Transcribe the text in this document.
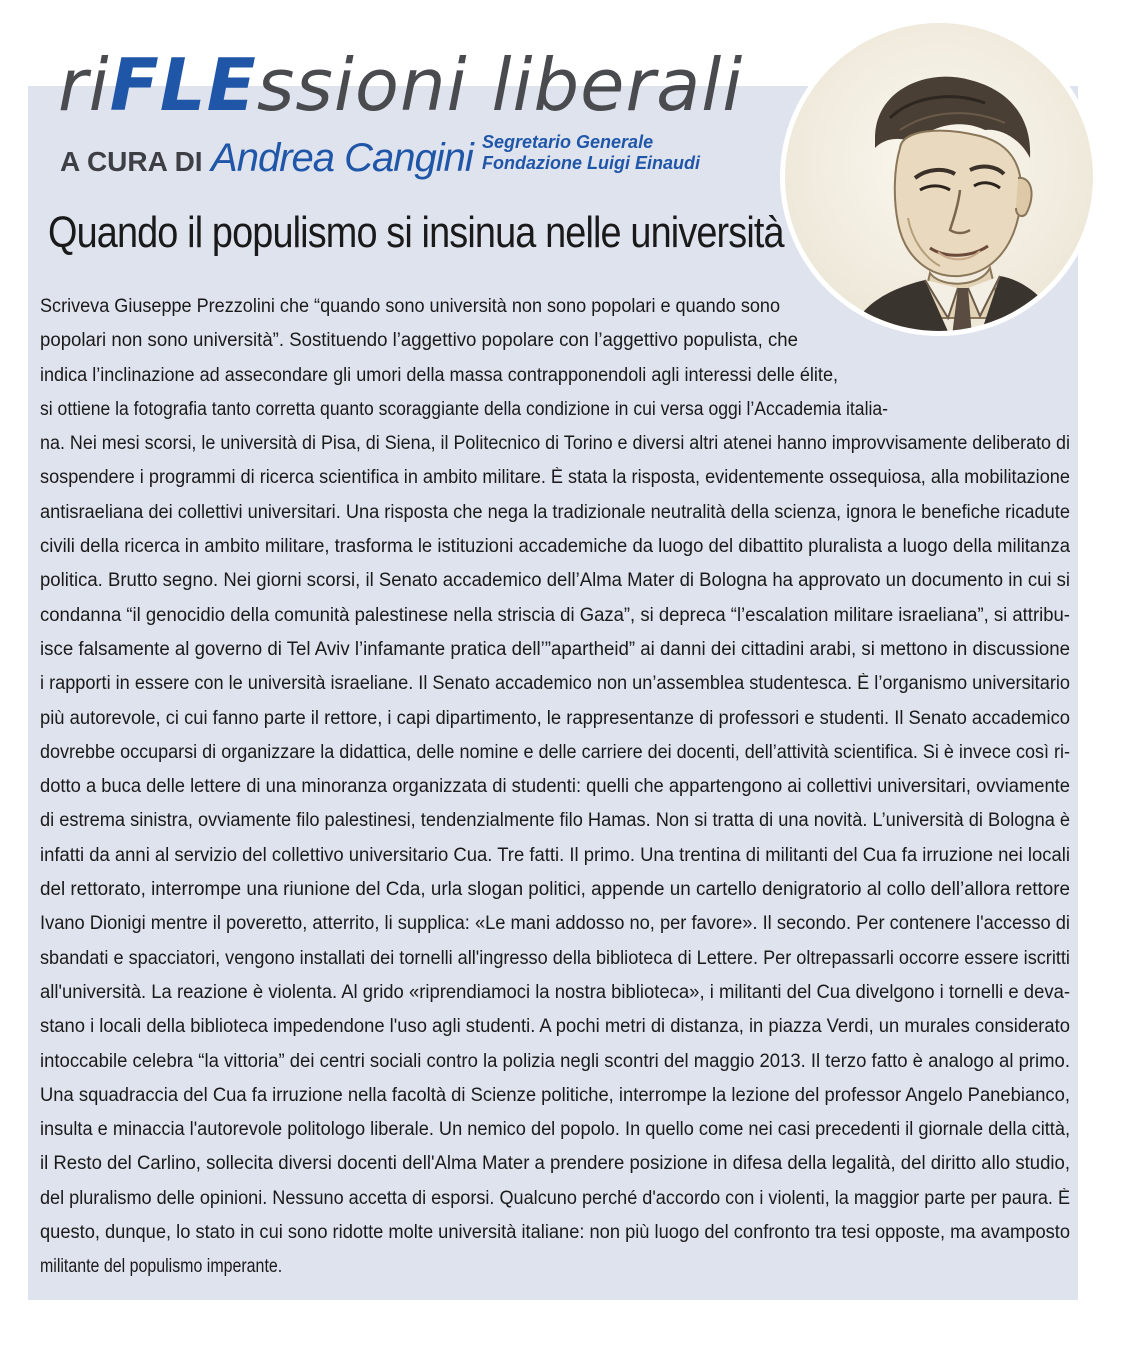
riFLEssioni liberali
A CURA DI Andrea Cangini Segretario Generale
Fondazione Luigi Einaudi
Quando il populismo si insinua nelle università
Scriveva Giuseppe Prezzolini che “quando sono università non sono popolari e quando sono
popolari non sono università”. Sostituendo l’aggettivo popolare con l’aggettivo populista, che
indica l’inclinazione ad assecondare gli umori della massa contrapponendoli agli interessi delle élite,
si ottiene la fotografia tanto corretta quanto scoraggiante della condizione in cui versa oggi l’Accademia italia-
na. Nei mesi scorsi, le università di Pisa, di Siena, il Politecnico di Torino e diversi altri atenei hanno improvvisamente deliberato di
sospendere i programmi di ricerca scientifica in ambito militare. È stata la risposta, evidentemente ossequiosa, alla mobilitazione
antisraeliana dei collettivi universitari. Una risposta che nega la tradizionale neutralità della scienza, ignora le benefiche ricadute
civili della ricerca in ambito militare, trasforma le istituzioni accademiche da luogo del dibattito pluralista a luogo della militanza
politica. Brutto segno. Nei giorni scorsi, il Senato accademico dell’Alma Mater di Bologna ha approvato un documento in cui si
condanna “il genocidio della comunità palestinese nella striscia di Gaza”, si depreca “l’escalation militare israeliana”, si attribu-
isce falsamente al governo di Tel Aviv l’infamante pratica dell’”apartheid” ai danni dei cittadini arabi, si mettono in discussione
i rapporti in essere con le università israeliane. Il Senato accademico non un’assemblea studentesca. È l’organismo universitario
più autorevole, ci cui fanno parte il rettore, i capi dipartimento, le rappresentanze di professori e studenti. Il Senato accademico
dovrebbe occuparsi di organizzare la didattica, delle nomine e delle carriere dei docenti, dell’attività scientifica. Si è invece così ri-
dotto a buca delle lettere di una minoranza organizzata di studenti: quelli che appartengono ai collettivi universitari, ovviamente
di estrema sinistra, ovviamente filo palestinesi, tendenzialmente filo Hamas. Non si tratta di una novità. L’università di Bologna è
infatti da anni al servizio del collettivo universitario Cua. Tre fatti. Il primo. Una trentina di militanti del Cua fa irruzione nei locali
del rettorato, interrompe una riunione del Cda, urla slogan politici, appende un cartello denigratorio al collo dell’allora rettore
Ivano Dionigi mentre il poveretto, atterrito, li supplica: «Le mani addosso no, per favore». Il secondo. Per contenere l'accesso di
sbandati e spacciatori, vengono installati dei tornelli all'ingresso della biblioteca di Lettere. Per oltrepassarli occorre essere iscritti
all'università. La reazione è violenta. Al grido «riprendiamoci la nostra biblioteca», i militanti del Cua divelgono i tornelli e deva-
stano i locali della biblioteca impedendone l'uso agli studenti. A pochi metri di distanza, in piazza Verdi, un murales considerato
intoccabile celebra “la vittoria” dei centri sociali contro la polizia negli scontri del maggio 2013. Il terzo fatto è analogo al primo.
Una squadraccia del Cua fa irruzione nella facoltà di Scienze politiche, interrompe la lezione del professor Angelo Panebianco,
insulta e minaccia l'autorevole politologo liberale. Un nemico del popolo. In quello come nei casi precedenti il giornale della città,
il Resto del Carlino, sollecita diversi docenti dell'Alma Mater a prendere posizione in difesa della legalità, del diritto allo studio,
del pluralismo delle opinioni. Nessuno accetta di esporsi. Qualcuno perché d'accordo con i violenti, la maggior parte per paura. È
questo, dunque, lo stato in cui sono ridotte molte università italiane: non più luogo del confronto tra tesi opposte, ma avamposto
militante del populismo imperante.
